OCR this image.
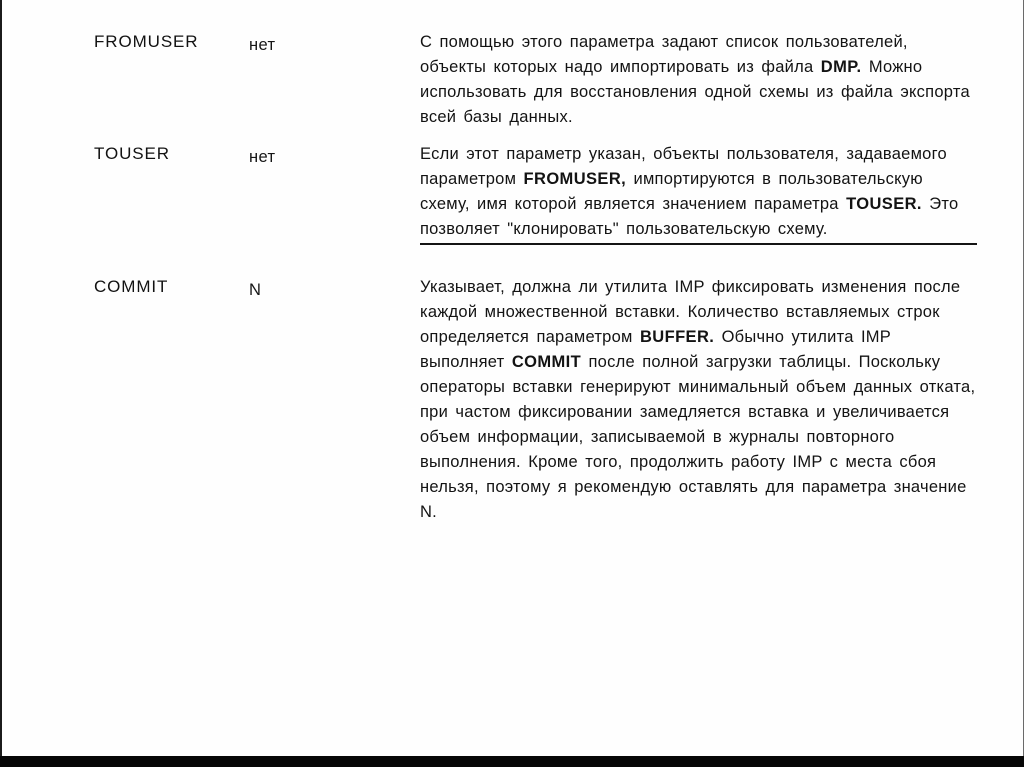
FROMUSER	нет	С помощью этого параметра задают список пользователей, объекты которых надо импортировать из файла DMP. Можно использовать для восстановления одной схемы из файла экспорта всей базы данных.
TOUSER	нет	Если этот параметр указан, объекты пользователя, задаваемого параметром FROMUSER, импортируются в пользовательскую схему, имя которой является значением параметра TOUSER. Это позволяет "клонировать" пользовательскую схему.
COMMIT	N	Указывает, должна ли утилита IMP фиксировать изменения после каждой множественной вставки. Количество вставляемых строк определяется параметром BUFFER. Обычно утилита IMP выполняет COMMIT после полной загрузки таблицы. Поскольку операторы вставки генерируют минимальный объем данных отката, при частом фиксировании замедляется вставка и увеличивается объем информации, записываемой в журналы повторного выполнения. Кроме того, продолжить работу IMP с места сбоя нельзя, поэтому я рекомендую оставлять для параметра значение N.
